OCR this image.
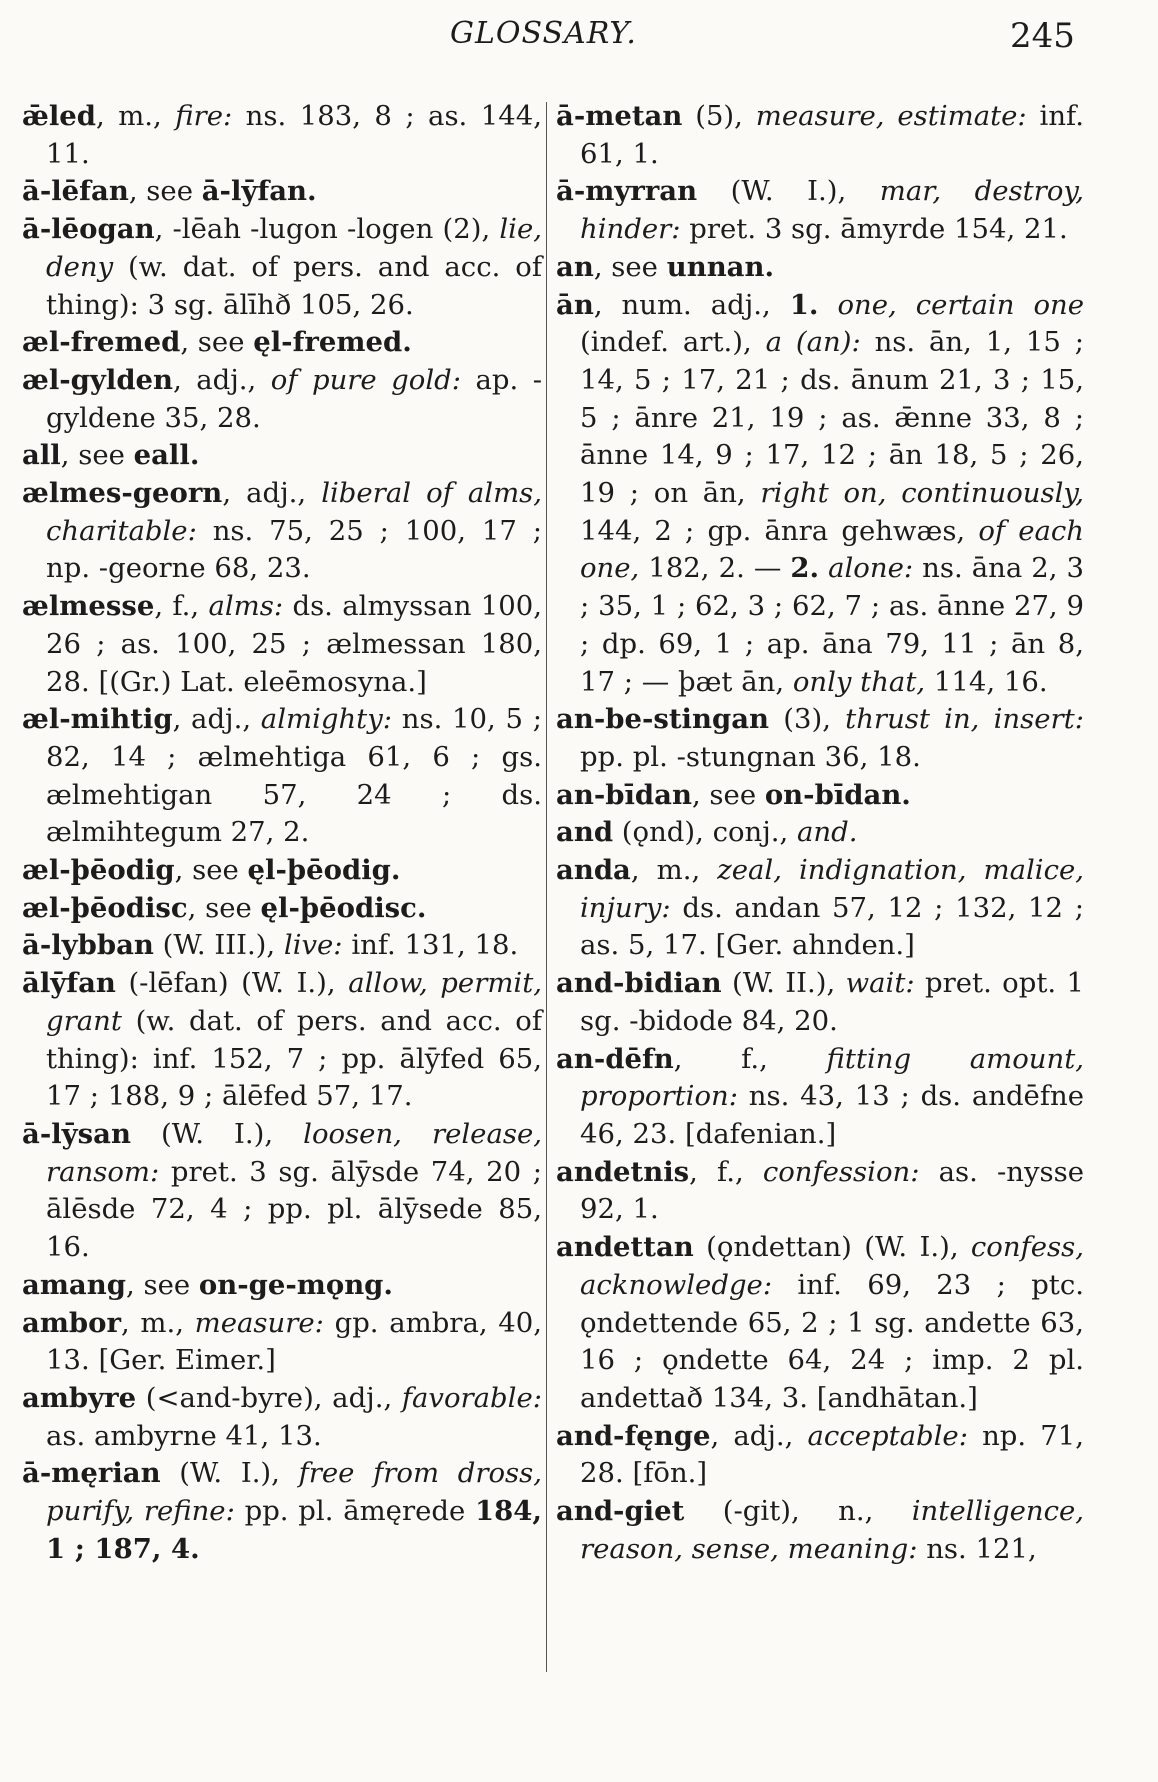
GLOSSARY.	245
ǣled, m., fire: ns. 183, 8 ; as. 144, 11.
ā-lēfan, see ā-lȳfan.
ā-lēogan, -lēah -lugon -logen (2), lie, deny (w. dat. of pers. and acc. of thing): 3 sg. ālīhð 105, 26.
æl-fremed, see ęl-fremed.
æl-gylden, adj., of pure gold: ap. -gyldene 35, 28.
all, see eall.
ælmes-georn, adj., liberal of alms, charitable: ns. 75, 25 ; 100, 17 ; np. -georne 68, 23.
ælmesse, f., alms: ds. almyssan 100, 26 ; as. 100, 25 ; ælmessan 180, 28. [(Gr.) Lat. eleēmosyna.]
æl-mihtig, adj., almighty: ns. 10, 5 ; 82, 14 ; ælmehtiga 61, 6 ; gs. ælmehtigan 57, 24 ; ds. ælmihtegum 27, 2.
æl-þēodig, see ęl-þēodig.
æl-þēodisc, see ęl-þēodisc.
ā-lybban (W. III.), live: inf. 131, 18.
ālȳfan (-lēfan) (W. I.), allow, permit, grant (w. dat. of pers. and acc. of thing): inf. 152, 7 ; pp. ālȳfed 65, 17 ; 188, 9 ; ālēfed 57, 17.
ā-lȳsan (W. I.), loosen, release, ransom: pret. 3 sg. ālȳsde 74, 20 ; ālēsde 72, 4 ; pp. pl. ālȳsede 85, 16.
amang, see on-ge-mǫng.
ambor, m., measure: gp. ambra, 40, 13. [Ger. Eimer.]
ambyre (<and-byre), adj., favorable: as. ambyrne 41, 13.
ā-męrian (W. I.), free from dross, purify, refine: pp. pl. āmęrede 184, 1 ; 187, 4.
ā-metan (5), measure, estimate: inf. 61, 1.
ā-myrran (W. I.), mar, destroy, hinder: pret. 3 sg. āmyrde 154, 21.
an, see unnan.
ān, num. adj., 1. one, certain one (indef. art.), a (an): ns. ān, 1, 15 ; 14, 5 ; 17, 21 ; ds. ānum 21, 3 ; 15, 5 ; ānre 21, 19 ; as. ǣnne 33, 8 ; ānne 14, 9 ; 17, 12 ; ān 18, 5 ; 26, 19 ; on ān, right on, continuously, 144, 2 ; gp. ānra gehwæs, of each one, 182, 2. — 2. alone: ns. āna 2, 3 ; 35, 1 ; 62, 3 ; 62, 7 ; as. ānne 27, 9 ; dp. 69, 1 ; ap. āna 79, 11 ; ān 8, 17 ; — þæt ān, only that, 114, 16.
an-be-stingan (3), thrust in, insert: pp. pl. -stungnan 36, 18.
an-bīdan, see on-bīdan.
and (ǫnd), conj., and.
anda, m., zeal, indignation, malice, injury: ds. andan 57, 12 ; 132, 12 ; as. 5, 17. [Ger. ahnden.]
and-bidian (W. II.), wait: pret. opt. 1 sg. -bidode 84, 20.
an-dēfn, f., fitting amount, proportion: ns. 43, 13 ; ds. andēfne 46, 23. [dafenian.]
andetnis, f., confession: as. -nysse 92, 1.
andettan (ǫndettan) (W. I.), confess, acknowledge: inf. 69, 23 ; ptc. ǫndettende 65, 2 ; 1 sg. andette 63, 16 ; ǫndette 64, 24 ; imp. 2 pl. andettað 134, 3. [andhātan.]
and-fęnge, adj., acceptable: np. 71, 28. [fōn.]
and-giet (-git), n., intelligence, reason, sense, meaning: ns. 121,
